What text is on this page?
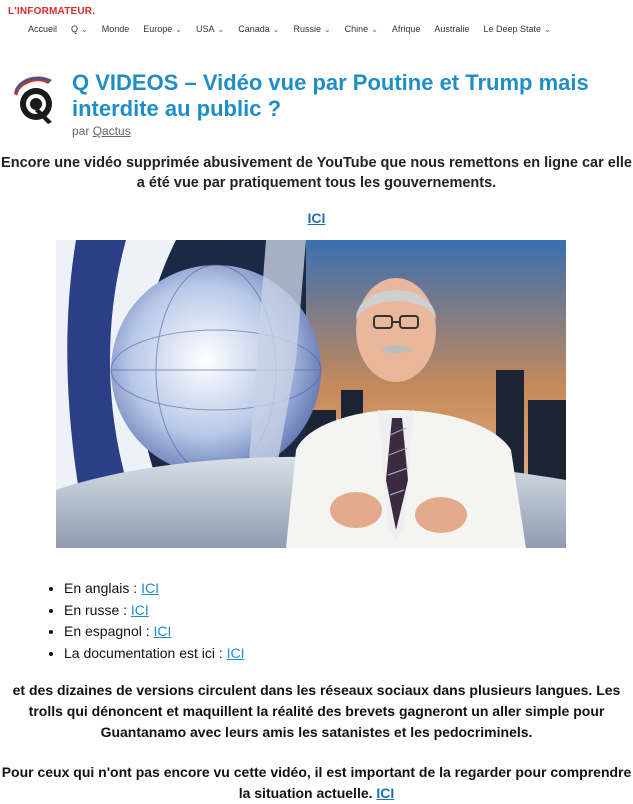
L'INFORMATEUR.
Accueil Q ⌄ Monde Europe ⌄ USA ⌄ Canada ⌄ Russie ⌄ Chine ⌄ Afrique Australie Le Deep State ⌄
Q VIDEOS – Vidéo vue par Poutine et Trump mais interdite au public ?
par Qactus
Encore une vidéo supprimée abusivement de YouTube que nous remettons en ligne car elle a été vue par pratiquement tous les gouvernements.
ICI
• En anglais : ICI
• En russe : ICI
• En espagnol : ICI
• La documentation est ici : ICI
et des dizaines de versions circulent dans les réseaux sociaux dans plusieurs langues. Les trolls qui dénoncent et maquillent la réalité des brevets gagneront un aller simple pour Guantanamo avec leurs amis les satanistes et les pedocriminels.
Pour ceux qui n'ont pas encore vu cette vidéo, il est important de la regarder pour comprendre la situation actuelle. ICI
